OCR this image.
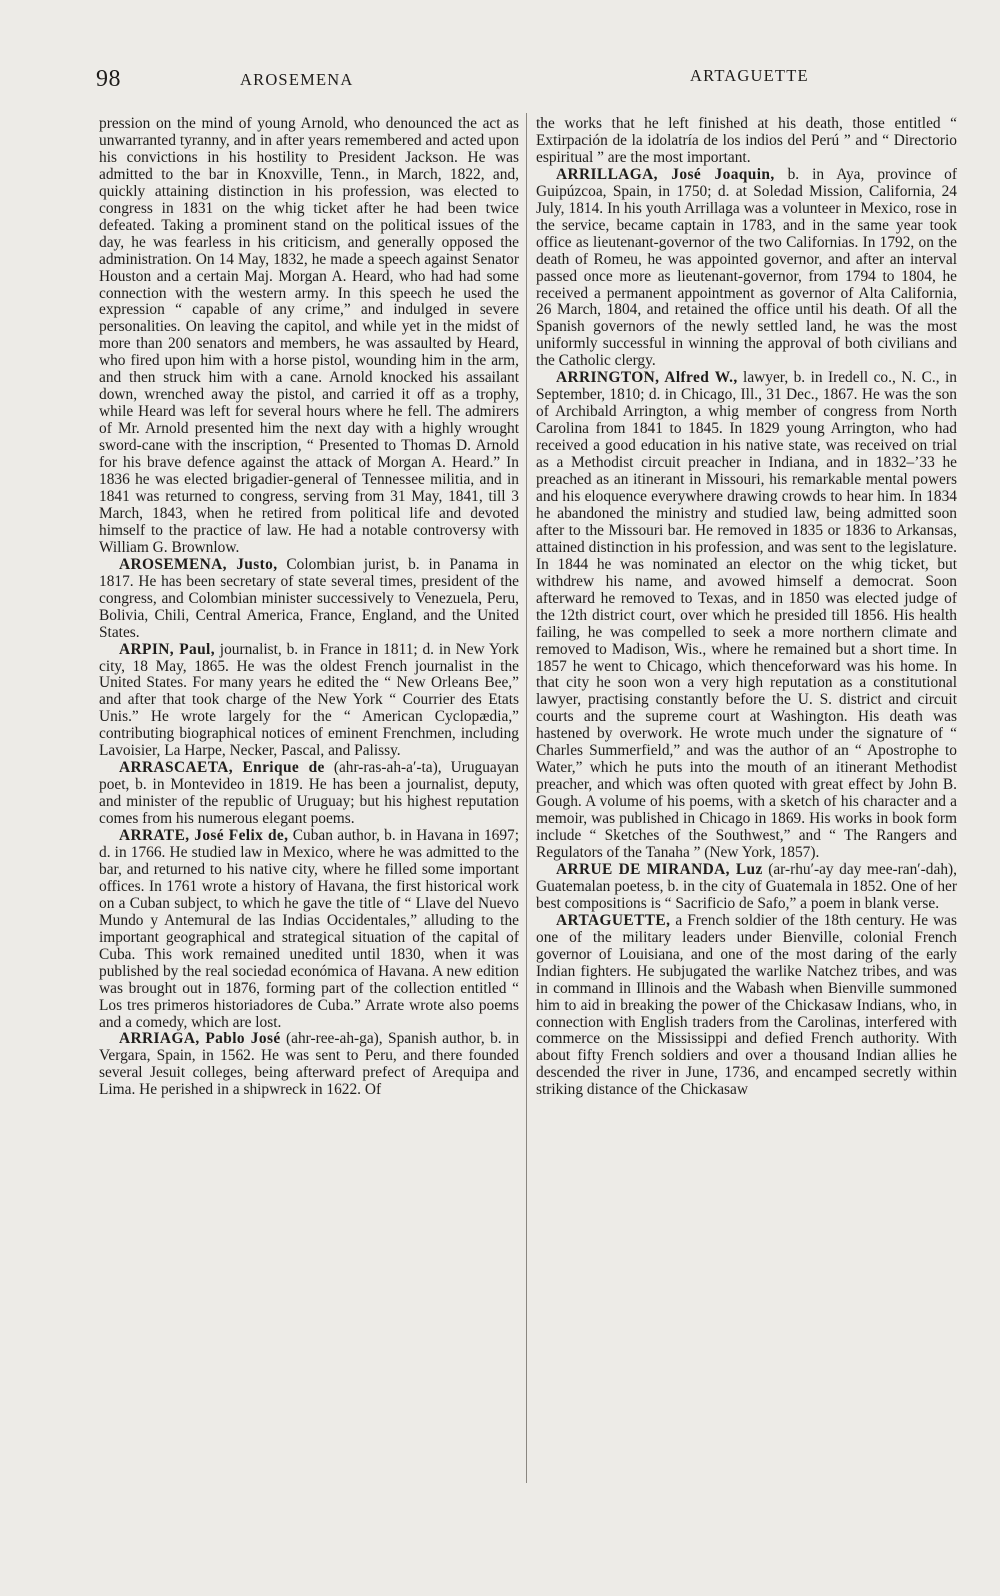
98	AROSEMENA	ARTAGUETTE

pression on the mind of young Arnold, who denounced the act as unwarranted tyranny, and in after years remembered and acted upon his convictions in his hostility to President Jackson. He was admitted to the bar in Knoxville, Tenn., in March, 1822, and, quickly attaining distinction in his profession, was elected to congress in 1831 on the whig ticket after he had been twice defeated. Taking a prominent stand on the political issues of the day, he was fearless in his criticism, and generally opposed the administration. On 14 May, 1832, he made a speech against Senator Houston and a certain Maj. Morgan A. Heard, who had had some connection with the western army. In this speech he used the expression “ capable of any crime,” and indulged in severe personalities. On leaving the capitol, and while yet in the midst of more than 200 senators and members, he was assaulted by Heard, who fired upon him with a horse pistol, wounding him in the arm, and then struck him with a cane. Arnold knocked his assailant down, wrenched away the pistol, and carried it off as a trophy, while Heard was left for several hours where he fell. The admirers of Mr. Arnold presented him the next day with a highly wrought sword-cane with the inscription, “ Presented to Thomas D. Arnold for his brave defence against the attack of Morgan A. Heard.” In 1836 he was elected brigadier-general of Tennessee militia, and in 1841 was returned to congress, serving from 31 May, 1841, till 3 March, 1843, when he retired from political life and devoted himself to the practice of law. He had a notable controversy with William G. Brownlow.

AROSEMENA, Justo, Colombian jurist, b. in Panama in 1817. He has been secretary of state several times, president of the congress, and Colombian minister successively to Venezuela, Peru, Bolivia, Chili, Central America, France, England, and the United States.

ARPIN, Paul, journalist, b. in France in 1811; d. in New York city, 18 May, 1865. He was the oldest French journalist in the United States. For many years he edited the “ New Orleans Bee,” and after that took charge of the New York “ Courrier des Etats Unis.” He wrote largely for the “ American Cyclopædia,” contributing biographical notices of eminent Frenchmen, including Lavoisier, La Harpe, Necker, Pascal, and Palissy.

ARRASCAETA, Enrique de (ahr-ras-ah-a′-ta), Uruguayan poet, b. in Montevideo in 1819. He has been a journalist, deputy, and minister of the republic of Uruguay; but his highest reputation comes from his numerous elegant poems.

ARRATE, José Felix de, Cuban author, b. in Havana in 1697; d. in 1766. He studied law in Mexico, where he was admitted to the bar, and returned to his native city, where he filled some important offices. In 1761 wrote a history of Havana, the first historical work on a Cuban subject, to which he gave the title of “ Llave del Nuevo Mundo y Antemural de las Indias Occidentales,” alluding to the important geographical and strategical situation of the capital of Cuba. This work remained unedited until 1830, when it was published by the real sociedad económica of Havana. A new edition was brought out in 1876, forming part of the collection entitled “ Los tres primeros historiadores de Cuba.” Arrate wrote also poems and a comedy, which are lost.

ARRIAGA, Pablo José (ahr-ree-ah-ga), Spanish author, b. in Vergara, Spain, in 1562. He was sent to Peru, and there founded several Jesuit colleges, being afterward prefect of Arequipa and Lima. He perished in a shipwreck in 1622. Of

the works that he left finished at his death, those entitled “ Extirpación de la idolatría de los indios del Perú ” and “ Directorio espiritual ” are the most important.

ARRILLAGA, José Joaquin, b. in Aya, province of Guipúzcoa, Spain, in 1750; d. at Soledad Mission, California, 24 July, 1814. In his youth Arrillaga was a volunteer in Mexico, rose in the service, became captain in 1783, and in the same year took office as lieutenant-governor of the two Californias. In 1792, on the death of Romeu, he was appointed governor, and after an interval passed once more as lieutenant-governor, from 1794 to 1804, he received a permanent appointment as governor of Alta California, 26 March, 1804, and retained the office until his death. Of all the Spanish governors of the newly settled land, he was the most uniformly successful in winning the approval of both civilians and the Catholic clergy.

ARRINGTON, Alfred W., lawyer, b. in Iredell co., N. C., in September, 1810; d. in Chicago, Ill., 31 Dec., 1867. He was the son of Archibald Arrington, a whig member of congress from North Carolina from 1841 to 1845. In 1829 young Arrington, who had received a good education in his native state, was received on trial as a Methodist circuit preacher in Indiana, and in 1832–’33 he preached as an itinerant in Missouri, his remarkable mental powers and his eloquence everywhere drawing crowds to hear him. In 1834 he abandoned the ministry and studied law, being admitted soon after to the Missouri bar. He removed in 1835 or 1836 to Arkansas, attained distinction in his profession, and was sent to the legislature. In 1844 he was nominated an elector on the whig ticket, but withdrew his name, and avowed himself a democrat. Soon afterward he removed to Texas, and in 1850 was elected judge of the 12th district court, over which he presided till 1856. His health failing, he was compelled to seek a more northern climate and removed to Madison, Wis., where he remained but a short time. In 1857 he went to Chicago, which thenceforward was his home. In that city he soon won a very high reputation as a constitutional lawyer, practising constantly before the U. S. district and circuit courts and the supreme court at Washington. His death was hastened by overwork. He wrote much under the signature of “ Charles Summerfield,” and was the author of an “ Apostrophe to Water,” which he puts into the mouth of an itinerant Methodist preacher, and which was often quoted with great effect by John B. Gough. A volume of his poems, with a sketch of his character and a memoir, was published in Chicago in 1869. His works in book form include “ Sketches of the Southwest,” and “ The Rangers and Regulators of the Tanaha ” (New York, 1857).

ARRUE DE MIRANDA, Luz (ar-rhu′-ay day mee-ran′-dah), Guatemalan poetess, b. in the city of Guatemala in 1852. One of her best compositions is “ Sacrificio de Safo,” a poem in blank verse.

ARTAGUETTE, a French soldier of the 18th century. He was one of the military leaders under Bienville, colonial French governor of Louisiana, and one of the most daring of the early Indian fighters. He subjugated the warlike Natchez tribes, and was in command in Illinois and the Wabash when Bienville summoned him to aid in breaking the power of the Chickasaw Indians, who, in connection with English traders from the Carolinas, interfered with commerce on the Mississippi and defied French authority. With about fifty French soldiers and over a thousand Indian allies he descended the river in June, 1736, and encamped secretly within striking distance of the Chickasaw
